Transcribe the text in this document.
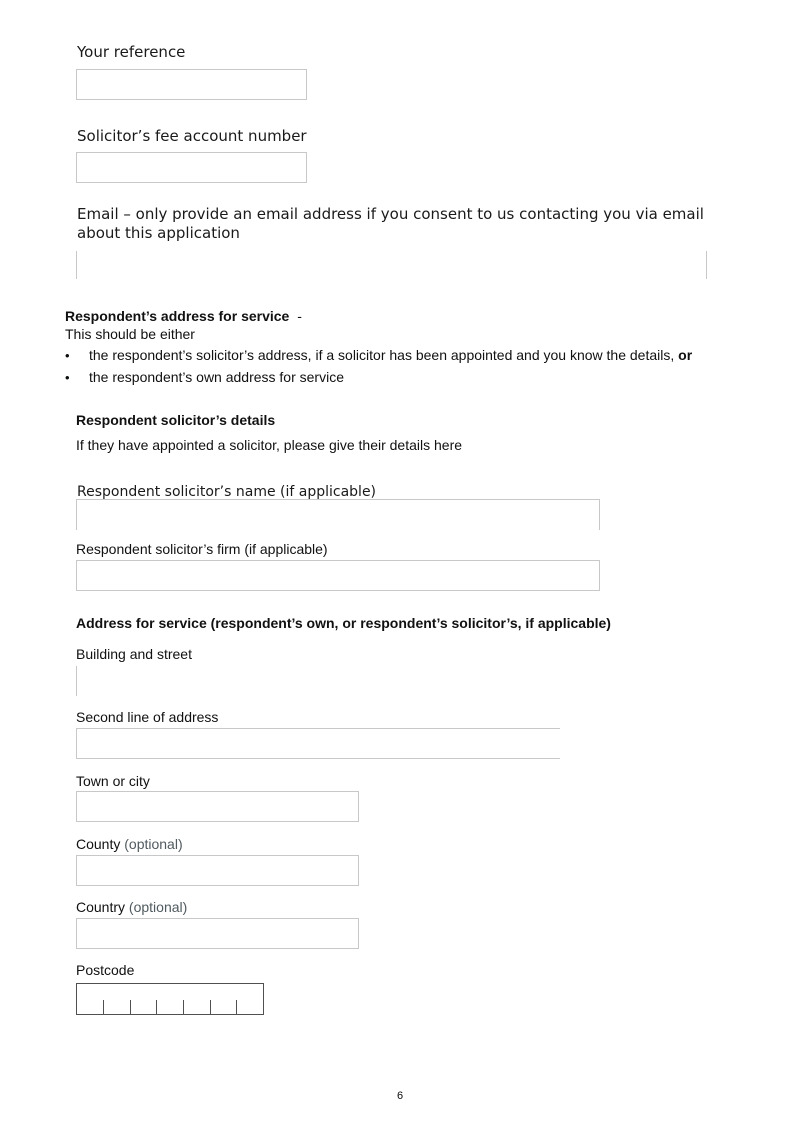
Your reference
Solicitor’s fee account number
Email – only provide an email address if you consent to us contacting you via email about this application
Respondent’s address for service -
This should be either
• the respondent’s solicitor’s address, if a solicitor has been appointed and you know the details, or
• the respondent’s own address for service
Respondent solicitor’s details
If they have appointed a solicitor, please give their details here
Respondent solicitor’s name (if applicable)
Respondent solicitor’s firm (if applicable)
Address for service (respondent’s own, or respondent’s solicitor’s, if applicable)
Building and street
Second line of address
Town or city
County (optional)
Country (optional)
Postcode
6
